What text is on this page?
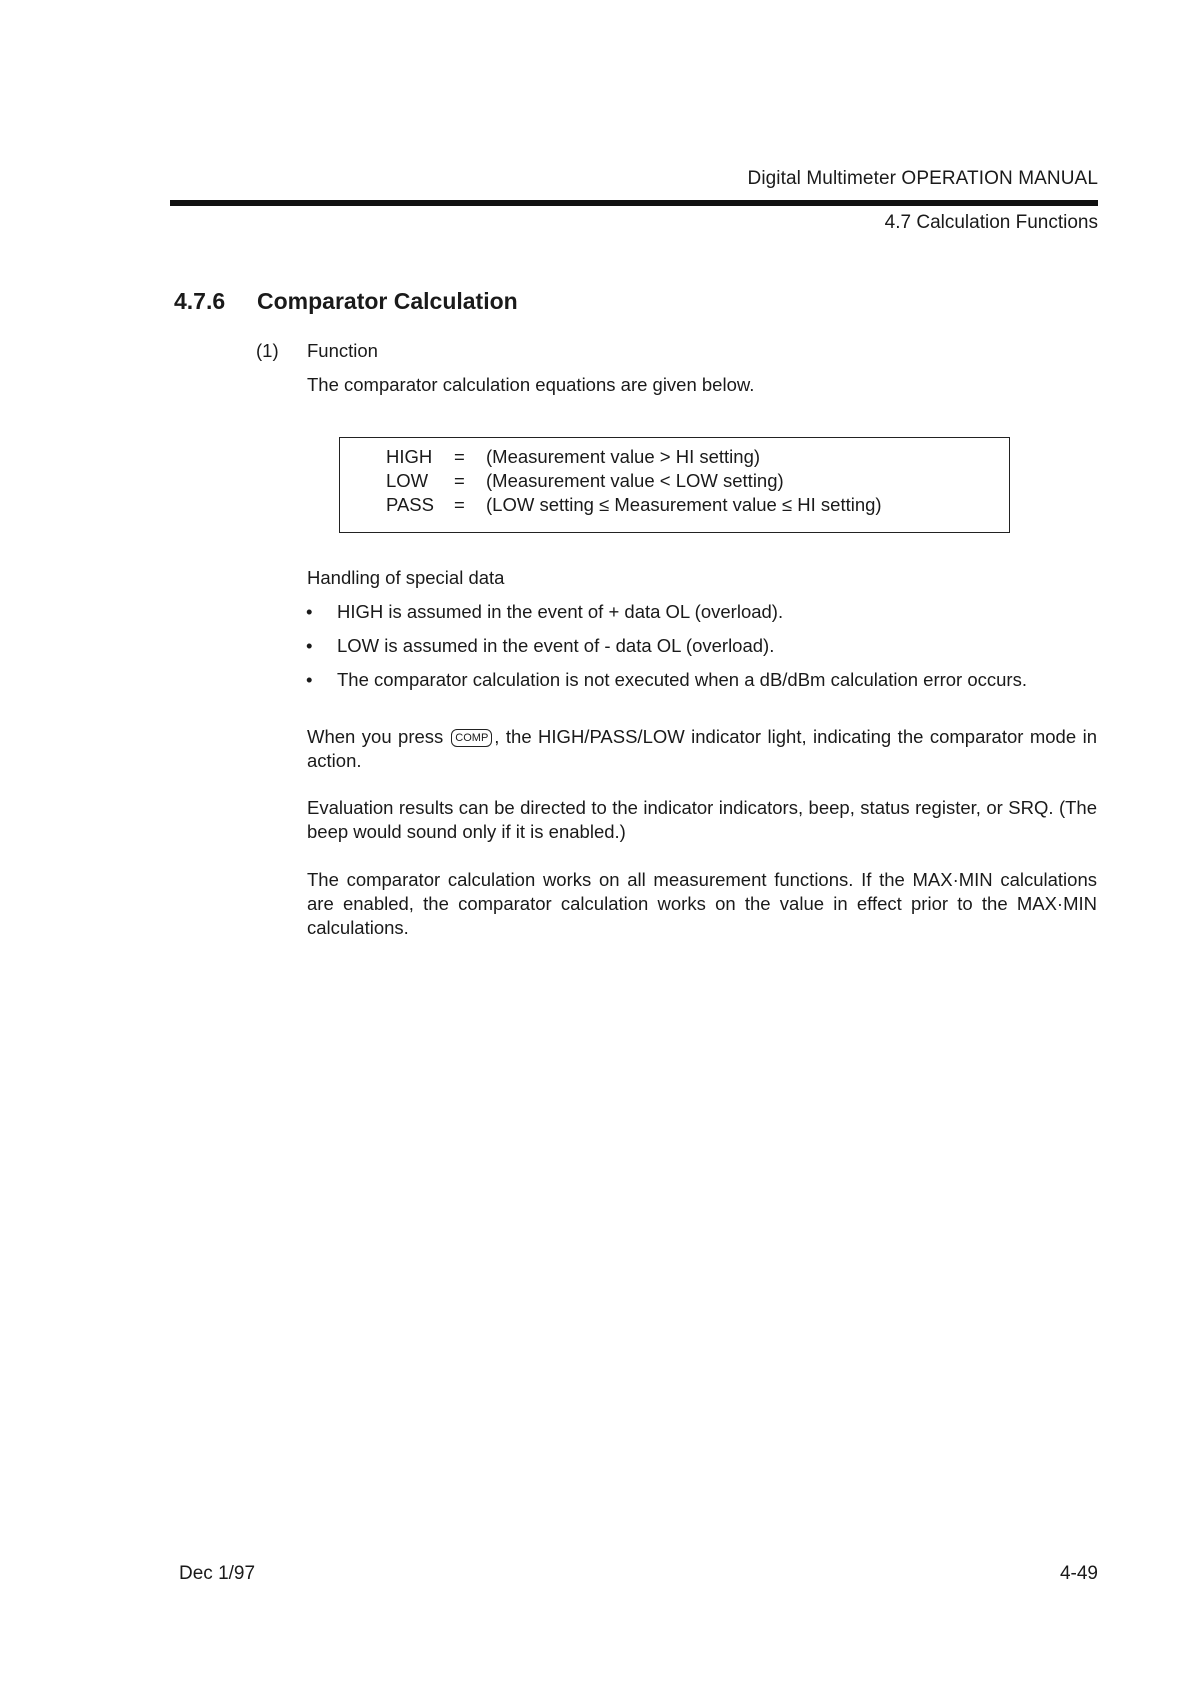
Digital Multimeter OPERATION MANUAL
4.7 Calculation Functions
4.7.6 Comparator Calculation
(1) Function
The comparator calculation equations are given below.
HIGH = (Measurement value > HI setting)
LOW = (Measurement value < LOW setting)
PASS = (LOW setting ≤ Measurement value ≤ HI setting)
Handling of special data
• HIGH is assumed in the event of + data OL (overload).
• LOW is assumed in the event of - data OL (overload).
• The comparator calculation is not executed when a dB/dBm calculation error occurs.
When you press COMP , the HIGH/PASS/LOW indicator light, indicating the comparator mode in action.
Evaluation results can be directed to the indicator indicators, beep, status register, or SRQ. (The beep would sound only if it is enabled.)
The comparator calculation works on all measurement functions. If the MAX·MIN calculations are enabled, the comparator calculation works on the value in effect prior to the MAX·MIN calculations.
Dec 1/97	4-49
